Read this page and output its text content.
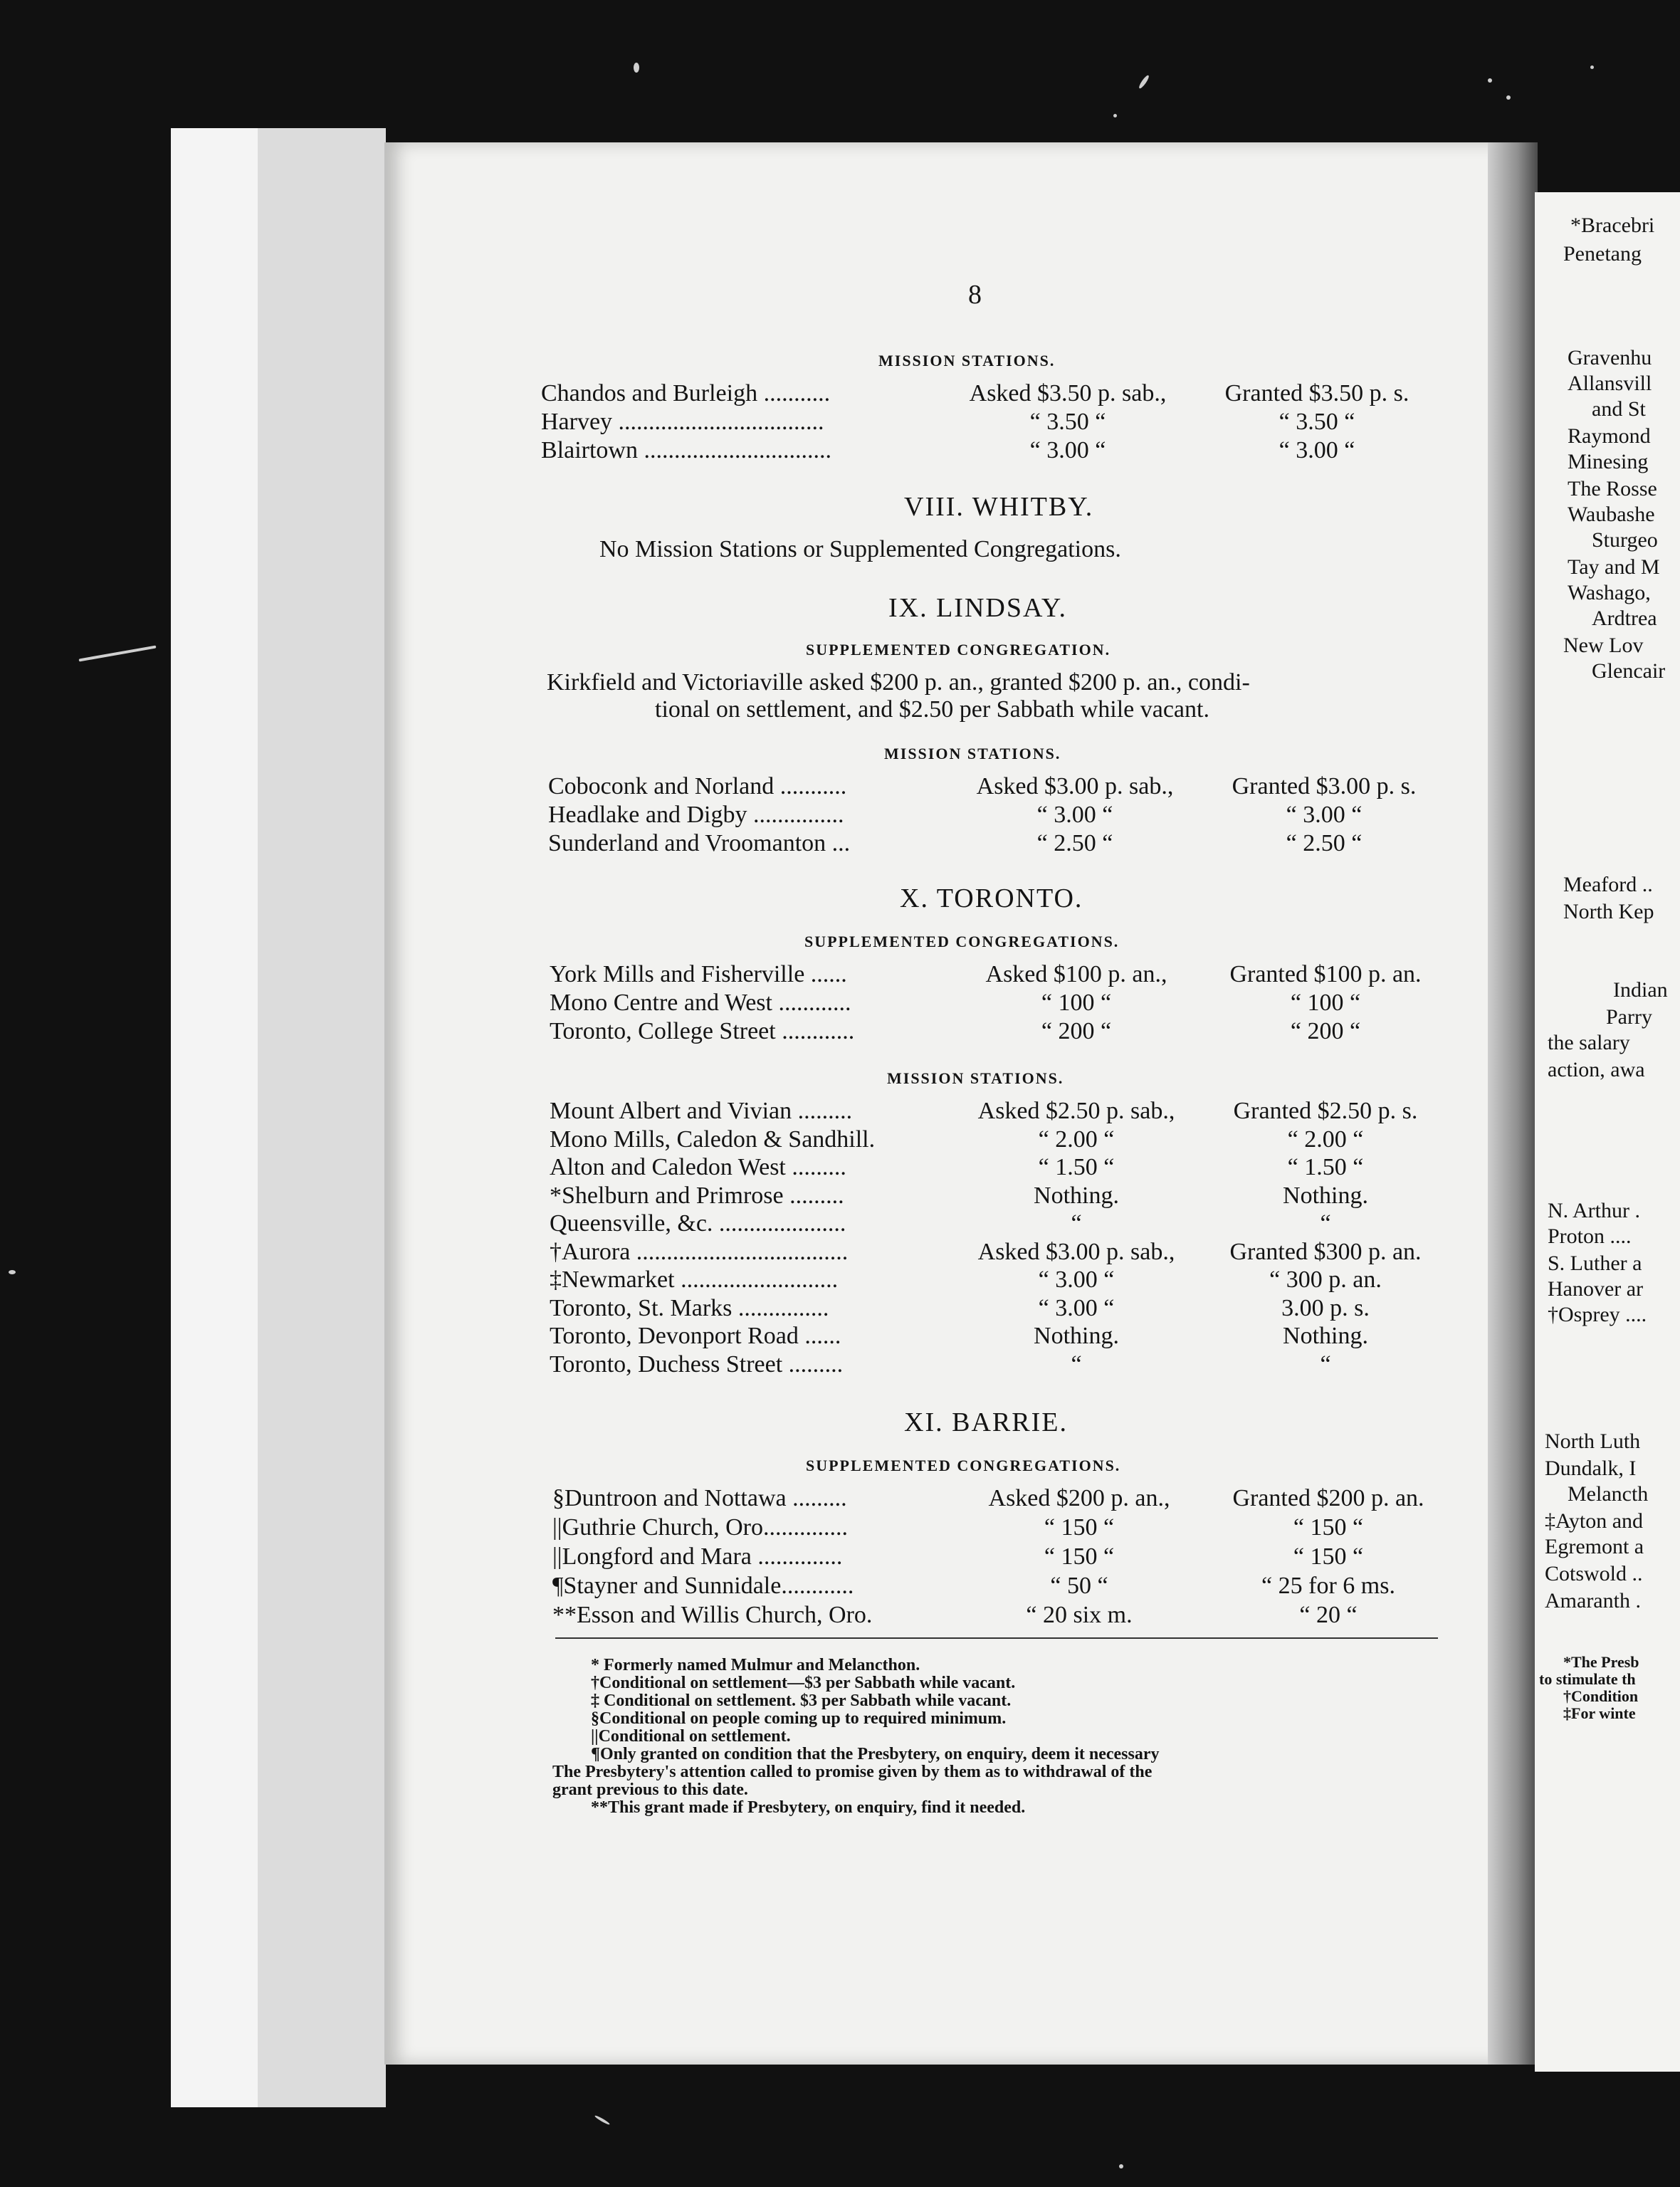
8
MISSION STATIONS.
Chandos and Burleigh ...........	Asked $3.50 p. sab.,	Granted $3.50 p. s.
Harvey ..................................	“ 3.50 “	“ 3.50 “
Blairtown ...............................	“ 3.00 “	“ 3.00 “
VIII. WHITBY.
No Mission Stations or Supplemented Congregations.
IX. LINDSAY.
SUPPLEMENTED CONGREGATION.
Kirkfield and Victoriaville asked $200 p. an., granted $200 p. an., condi-
tional on settlement, and $2.50 per Sabbath while vacant.
MISSION STATIONS.
Coboconk and Norland ...........	Asked $3.00 p. sab.,	Granted $3.00 p. s.
Headlake and Digby ...............	“ 3.00 “	“ 3.00 “
Sunderland and Vroomanton ...	“ 2.50 “	“ 2.50 “
X. TORONTO.
SUPPLEMENTED CONGREGATIONS.
York Mills and Fisherville ......	Asked $100 p. an.,	Granted $100 p. an.
Mono Centre and West ............	“ 100 “	“ 100 “
Toronto, College Street ............	“ 200 “	“ 200 “
MISSION STATIONS.
Mount Albert and Vivian .........	Asked $2.50 p. sab.,	Granted $2.50 p. s.
Mono Mills, Caledon & Sandhill.	“ 2.00 “	“ 2.00 “
Alton and Caledon West .........	“ 1.50 “	“ 1.50 “
*Shelburn and Primrose .........	Nothing.	Nothing.
Queensville, &c. .....................	“	“
†Aurora ...................................	Asked $3.00 p. sab.,	Granted $300 p. an.
‡Newmarket ..........................	“ 3.00 “	“ 300 p. an.
Toronto, St. Marks ...............	“ 3.00 “	3.00 p. s.
Toronto, Devonport Road ......	Nothing.	Nothing.
Toronto, Duchess Street .........	“	“
XI. BARRIE.
SUPPLEMENTED CONGREGATIONS.
§Duntroon and Nottawa .........	Asked $200 p. an.,	Granted $200 p. an.
||Guthrie Church, Oro..............	“ 150 “	“ 150 “
||Longford and Mara ..............	“ 150 “	“ 150 “
¶Stayner and Sunnidale............	“ 50 “	“ 25 for 6 ms.
**Esson and Willis Church, Oro.	“ 20 six m.	“ 20 “
* Formerly named Mulmur and Melancthon.
†Conditional on settlement—$3 per Sabbath while vacant.
‡ Conditional on settlement. $3 per Sabbath while vacant.
§Conditional on people coming up to required minimum.
||Conditional on settlement.
¶Only granted on condition that the Presbytery, on enquiry, deem it necessary
The Presbytery's attention called to promise given by them as to withdrawal of the
grant previous to this date.
**This grant made if Presbytery, on enquiry, find it needed.
*Bracebri
Penetang
Gravenhu
Allansvill
and St
Raymond
Minesing
The Rosse
Waubashe
Sturgeo
Tay and M
Washago,
Ardtrea
New Lov
Glencair
Meaford ..
North Kep
Indian
Parry
the salary
action, awa
N. Arthur .
Proton ....
S. Luther a
Hanover ar
†Osprey ....
North Luth
Dundalk, I
Melancth
‡Ayton and
Egremont a
Cotswold ..
Amaranth .
*The Presb
to stimulate th
†Condition
‡For winte
